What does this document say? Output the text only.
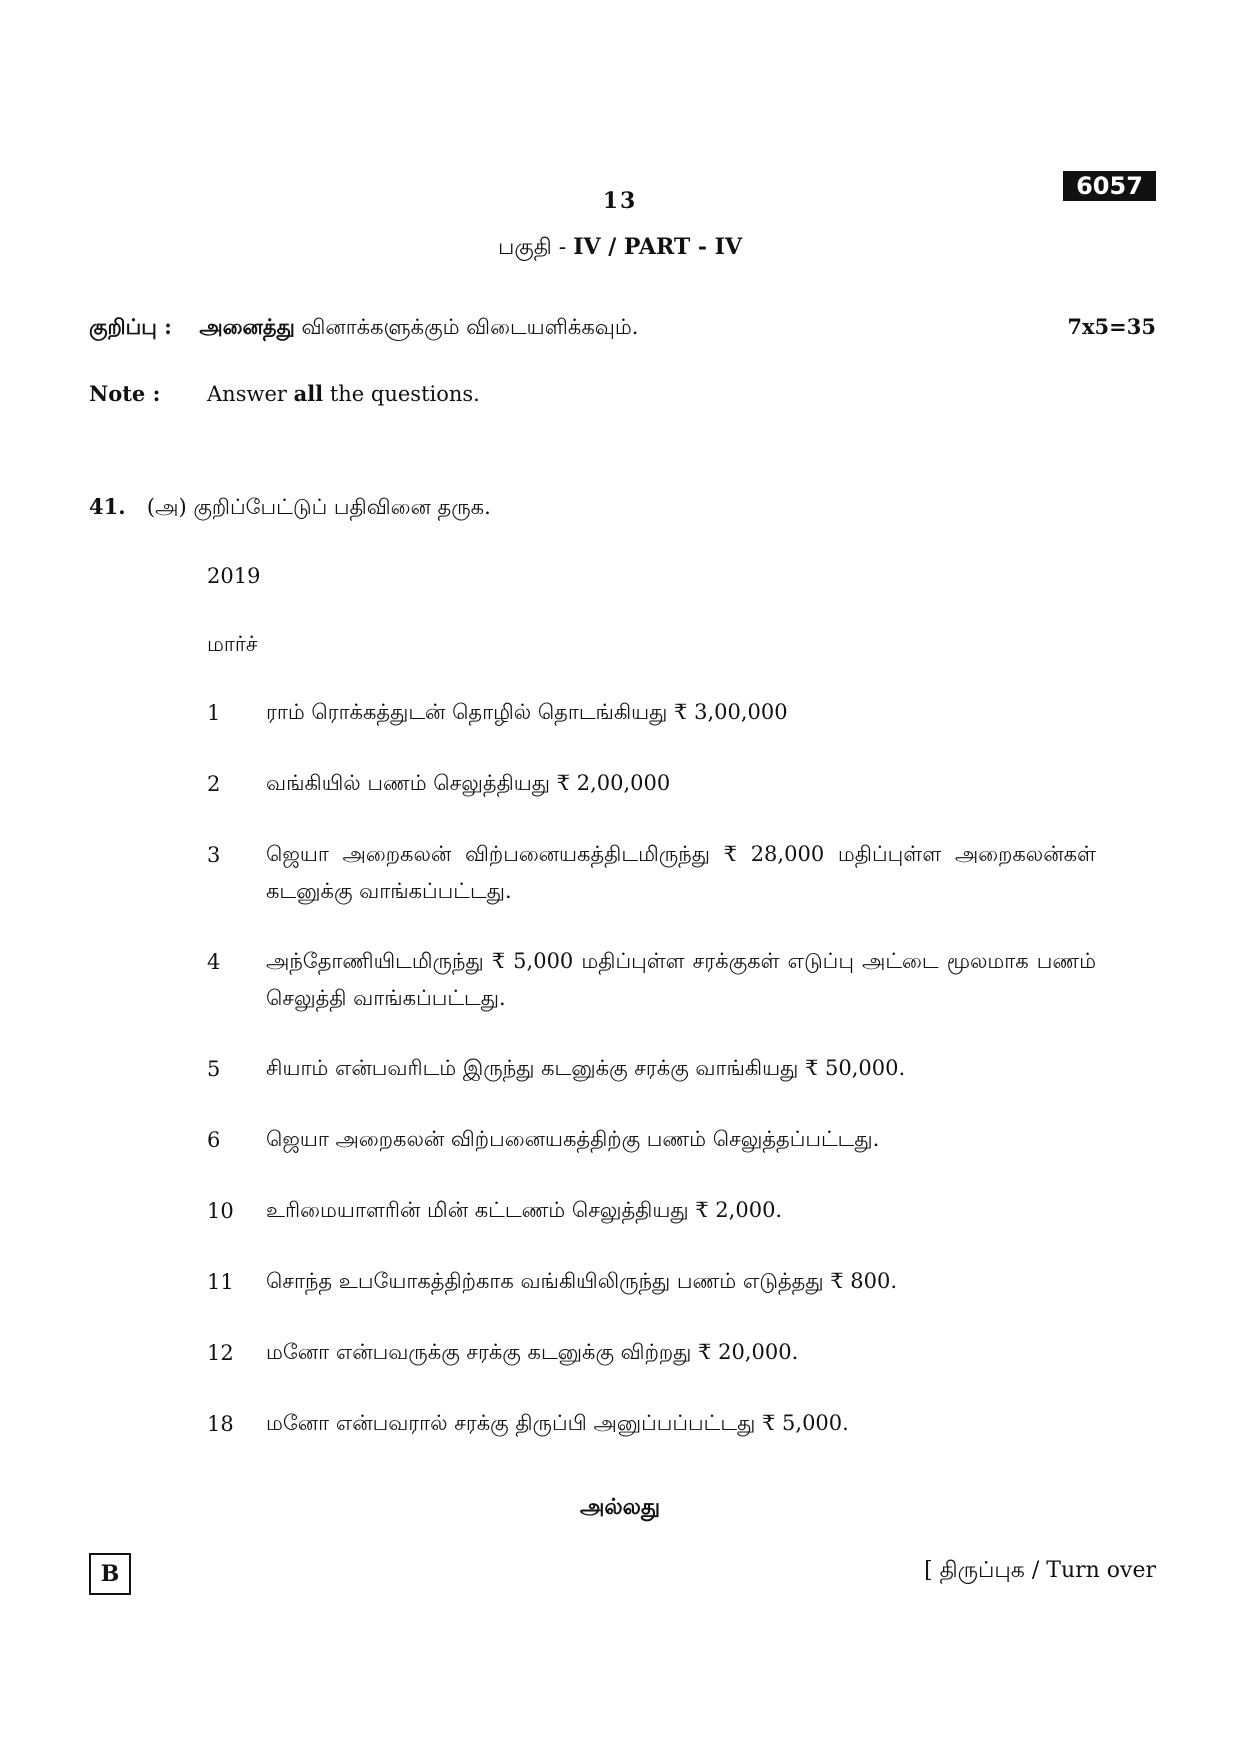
6057
13
பகுதி - IV / PART - IV
குறிப்பு : அனைத்து வினாக்களுக்கும் விடையளிக்கவும்.	7x5=35
Note : Answer all the questions.
41. (அ) குறிப்பேட்டுப் பதிவினை தருக.
2019
மார்ச்
1 ராம் ரொக்கத்துடன் தொழில் தொடங்கியது ₹ 3,00,000
2 வங்கியில் பணம் செலுத்தியது ₹ 2,00,000
3 ஜெயா அறைகலன் விற்பனையகத்திடமிருந்து ₹ 28,000 மதிப்புள்ள அறைகலன்கள் கடனுக்கு வாங்கப்பட்டது.
4 அந்தோணியிடமிருந்து ₹ 5,000 மதிப்புள்ள சரக்குகள் எடுப்பு அட்டை மூலமாக பணம் செலுத்தி வாங்கப்பட்டது.
5 சியாம் என்பவரிடம் இருந்து கடனுக்கு சரக்கு வாங்கியது ₹ 50,000.
6 ஜெயா அறைகலன் விற்பனையகத்திற்கு பணம் செலுத்தப்பட்டது.
10 உரிமையாளரின் மின் கட்டணம் செலுத்தியது ₹ 2,000.
11 சொந்த உபயோகத்திற்காக வங்கியிலிருந்து பணம் எடுத்தது ₹ 800.
12 மனோ என்பவருக்கு சரக்கு கடனுக்கு விற்றது ₹ 20,000.
18 மனோ என்பவரால் சரக்கு திருப்பி அனுப்பப்பட்டது ₹ 5,000.
அல்லது
B	[ திருப்புக / Turn over
